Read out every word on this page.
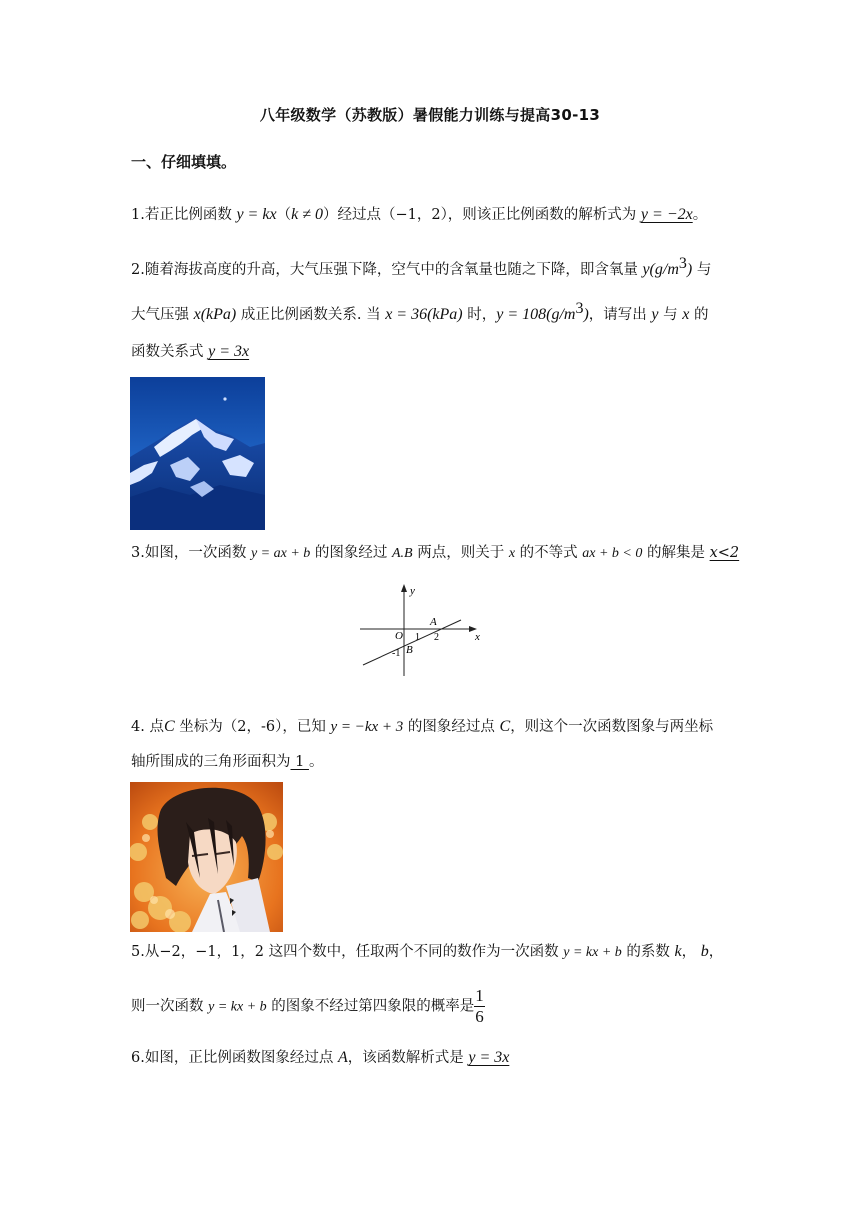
八年级数学（苏教版）暑假能力训练与提高30-13
一、仔细填填。
1.若正比例函数 y = kx（k ≠ 0）经过点（−1，2），则该正比例函数的解析式为 y = −2x。
2.随着海拔高度的升高，大气压强下降，空气中的含氧量也随之下降，即含氧量 $y(g/m^3)$ 与
大气压强 x(kPa) 成正比例函数关系. 当 x = 36(kPa) 时，$y = 108(g/m^3)$，请写出 y 与 x 的
函数关系式 y = 3x
3.如图，一次函数 y = ax + b 的图象经过 A.B 两点，则关于 x 的不等式 ax + b < 0 的解集是 x<2
x
y
O 1 2
-1
A
B
4. 点C 坐标为（2，-6），已知 y = −kx + 3 的图象经过点 C，则这个一次函数图象与两坐标
轴所围成的三角形面积为 1 。
5.从−2，−1，1，2 这四个数中，任取两个不同的数作为一次函数 y = kx + b 的系数 k， b，
则一次函数 y = kx + b 的图象不经过第四象限的概率是 $\frac{1}{6}$
6.如图，正比例函数图象经过点 A，该函数解析式是 y = 3x
